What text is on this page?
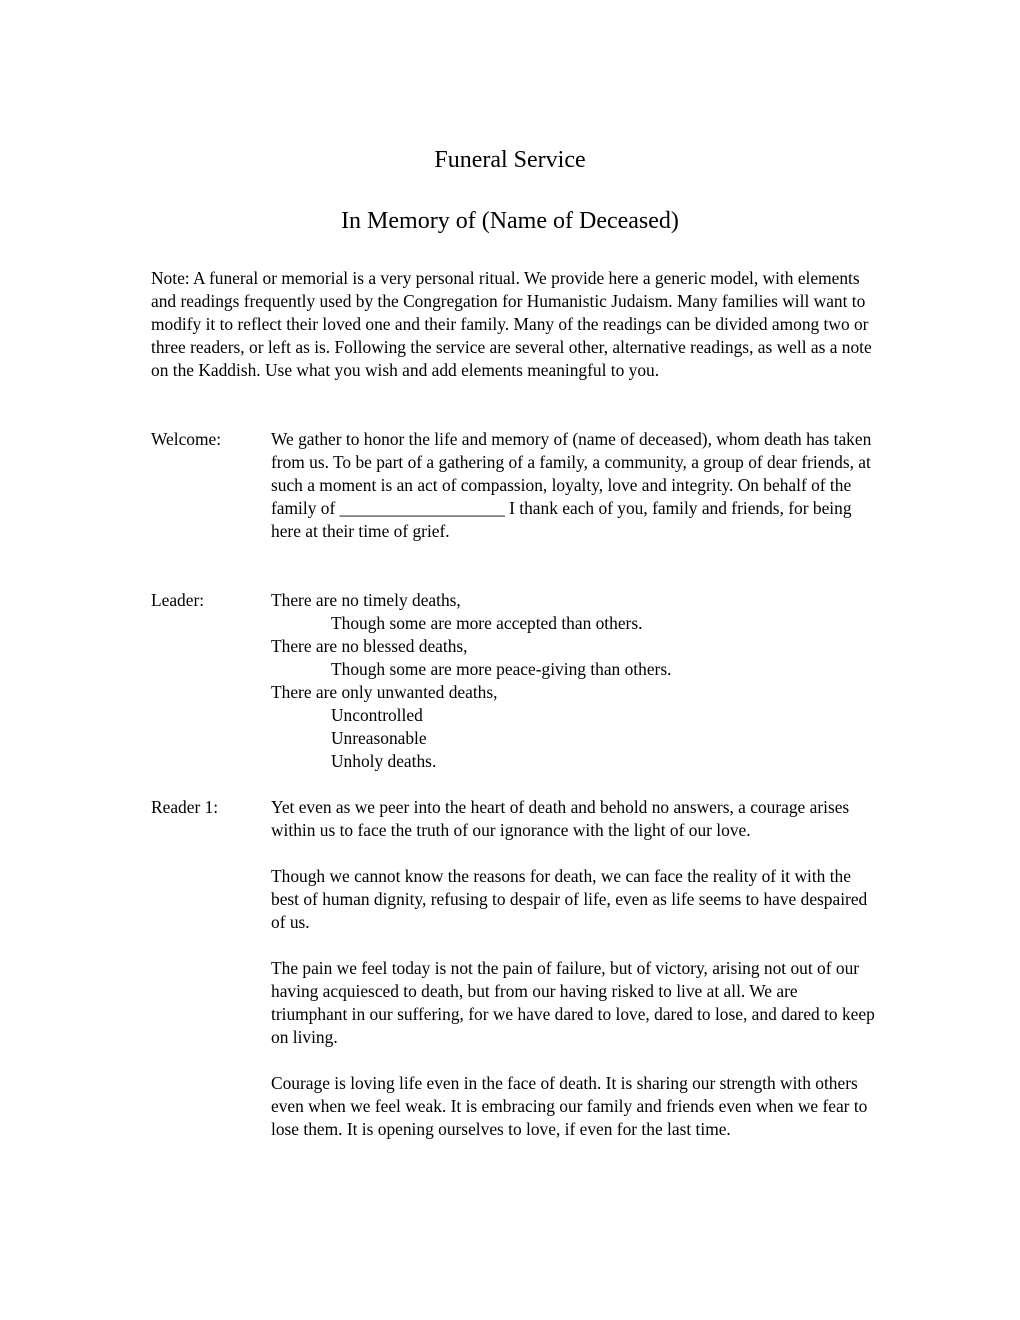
Funeral Service
In Memory of (Name of Deceased)
Note: A funeral or memorial is a very personal ritual. We provide here a generic model, with elements and readings frequently used by the Congregation for Humanistic Judaism. Many families will want to modify it to reflect their loved one and their family. Many of the readings can be divided among two or three readers, or left as is. Following the service are several other, alternative readings, as well as a note on the Kaddish. Use what you wish and add elements meaningful to you.
Welcome:	We gather to honor the life and memory of (name of deceased), whom death has taken from us. To be part of a gathering of a family, a community, a group of dear friends, at such a moment is an act of compassion, loyalty, love and integrity. On behalf of the family of ___________________ I thank each of you, family and friends, for being here at their time of grief.
Leader:	There are no timely deaths,
Though some are more accepted than others.
There are no blessed deaths,
Though some are more peace-giving than others.
There are only unwanted deaths,
Uncontrolled
Unreasonable
Unholy deaths.
Reader 1:	Yet even as we peer into the heart of death and behold no answers, a courage arises within us to face the truth of our ignorance with the light of our love.

Though we cannot know the reasons for death, we can face the reality of it with the best of human dignity, refusing to despair of life, even as life seems to have despaired of us.

The pain we feel today is not the pain of failure, but of victory, arising not out of our having acquiesced to death, but from our having risked to live at all. We are triumphant in our suffering, for we have dared to love, dared to lose, and dared to keep on living.

Courage is loving life even in the face of death. It is sharing our strength with others even when we feel weak. It is embracing our family and friends even when we fear to lose them. It is opening ourselves to love, if even for the last time.
